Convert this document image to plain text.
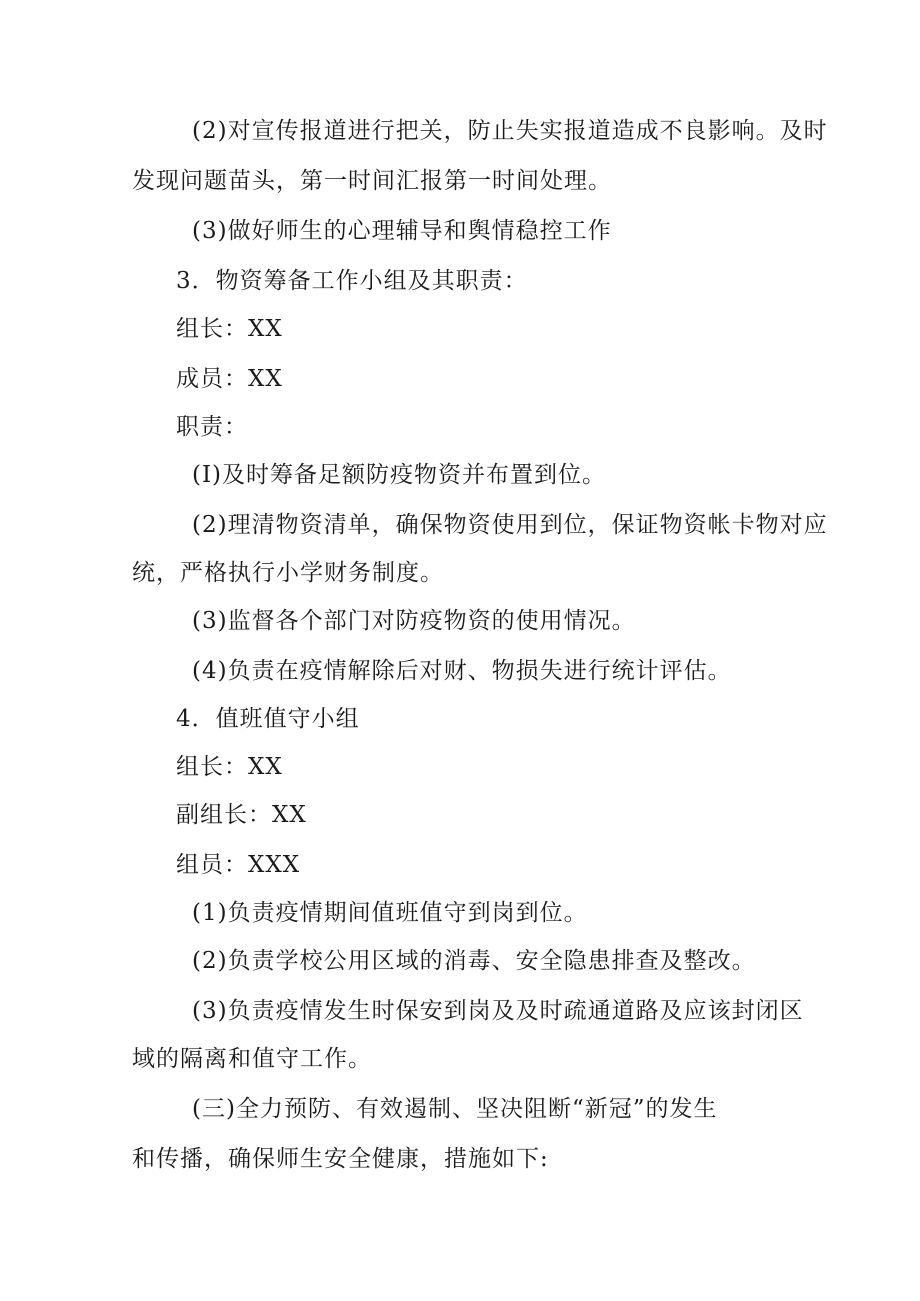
(2)对宣传报道进行把关，防止失实报道造成不良影响。及时
发现问题苗头，第一时间汇报第一时间处理。
(3)做好师生的心理辅导和舆情稳控工作
3．物资筹备工作小组及其职责：
组长：XX
成员：XX
职责：
(I)及时筹备足额防疫物资并布置到位。
(2)理清物资清单，确保物资使用到位，保证物资帐卡物对应
统，严格执行小学财务制度。
(3)监督各个部门对防疫物资的使用情况。
(4)负责在疫情解除后对财、物损失进行统计评估。
4．值班值守小组
组长：XX
副组长：XX
组员：XXX
(1)负责疫情期间值班值守到岗到位。
(2)负责学校公用区域的消毒、安全隐患排查及整改。
(3)负责疫情发生时保安到岗及及时疏通道路及应该封闭区
域的隔离和值守工作。
(三)全力预防、有效遏制、坚决阻断“新冠”的发生
和传播，确保师生安全健康，措施如下:
